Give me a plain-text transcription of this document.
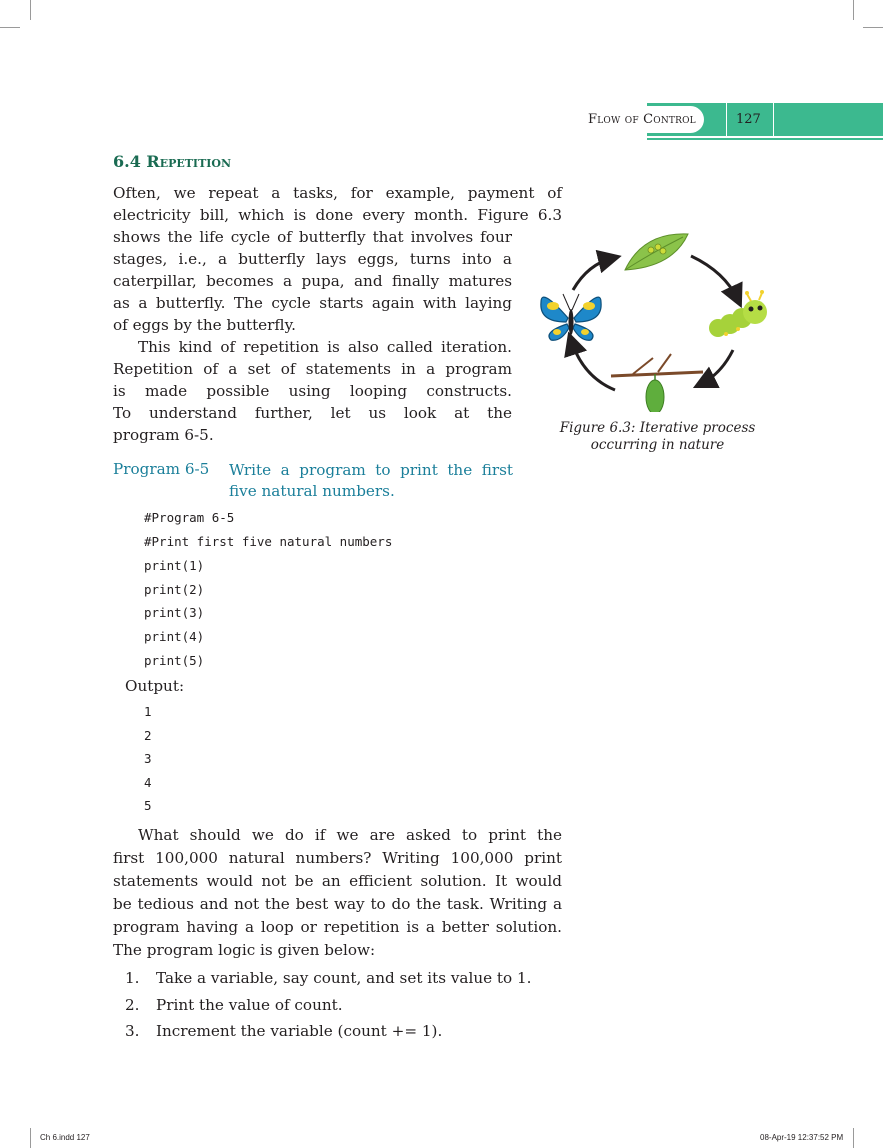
Flow of Control	127
6.4 Repetition
Often, we repeat a tasks, for example, payment of
electricity bill, which is done every month. Figure 6.3
shows the life cycle of butterfly that involves four
stages, i.e., a butterfly lays eggs, turns into a
caterpillar, becomes a pupa, and finally matures
as a butterfly. The cycle starts again with laying
of eggs by the butterfly.
This kind of repetition is also called iteration.
Repetition of a set of statements in a program
is made possible using looping constructs.
To understand further, let us look at the
program 6-5.	Figure 6.3: Iterative process
occurring in nature
Program 6-5 Write a program to print the first
five natural numbers.
#Program 6-5
#Print first five natural numbers
print(1)
print(2)
print(3)
print(4)
print(5)
Output:
1
2
3
4
5
What should we do if we are asked to print the
first 100,000 natural numbers? Writing 100,000 print
statements would not be an efficient solution. It would
be tedious and not the best way to do the task. Writing a
program having a loop or repetition is a better solution.
The program logic is given below:
1. Take a variable, say count, and set its value to 1.
2. Print the value of count.
3. Increment the variable (count += 1).
Ch 6.indd 127	08-Apr-19 12:37:52 PM
